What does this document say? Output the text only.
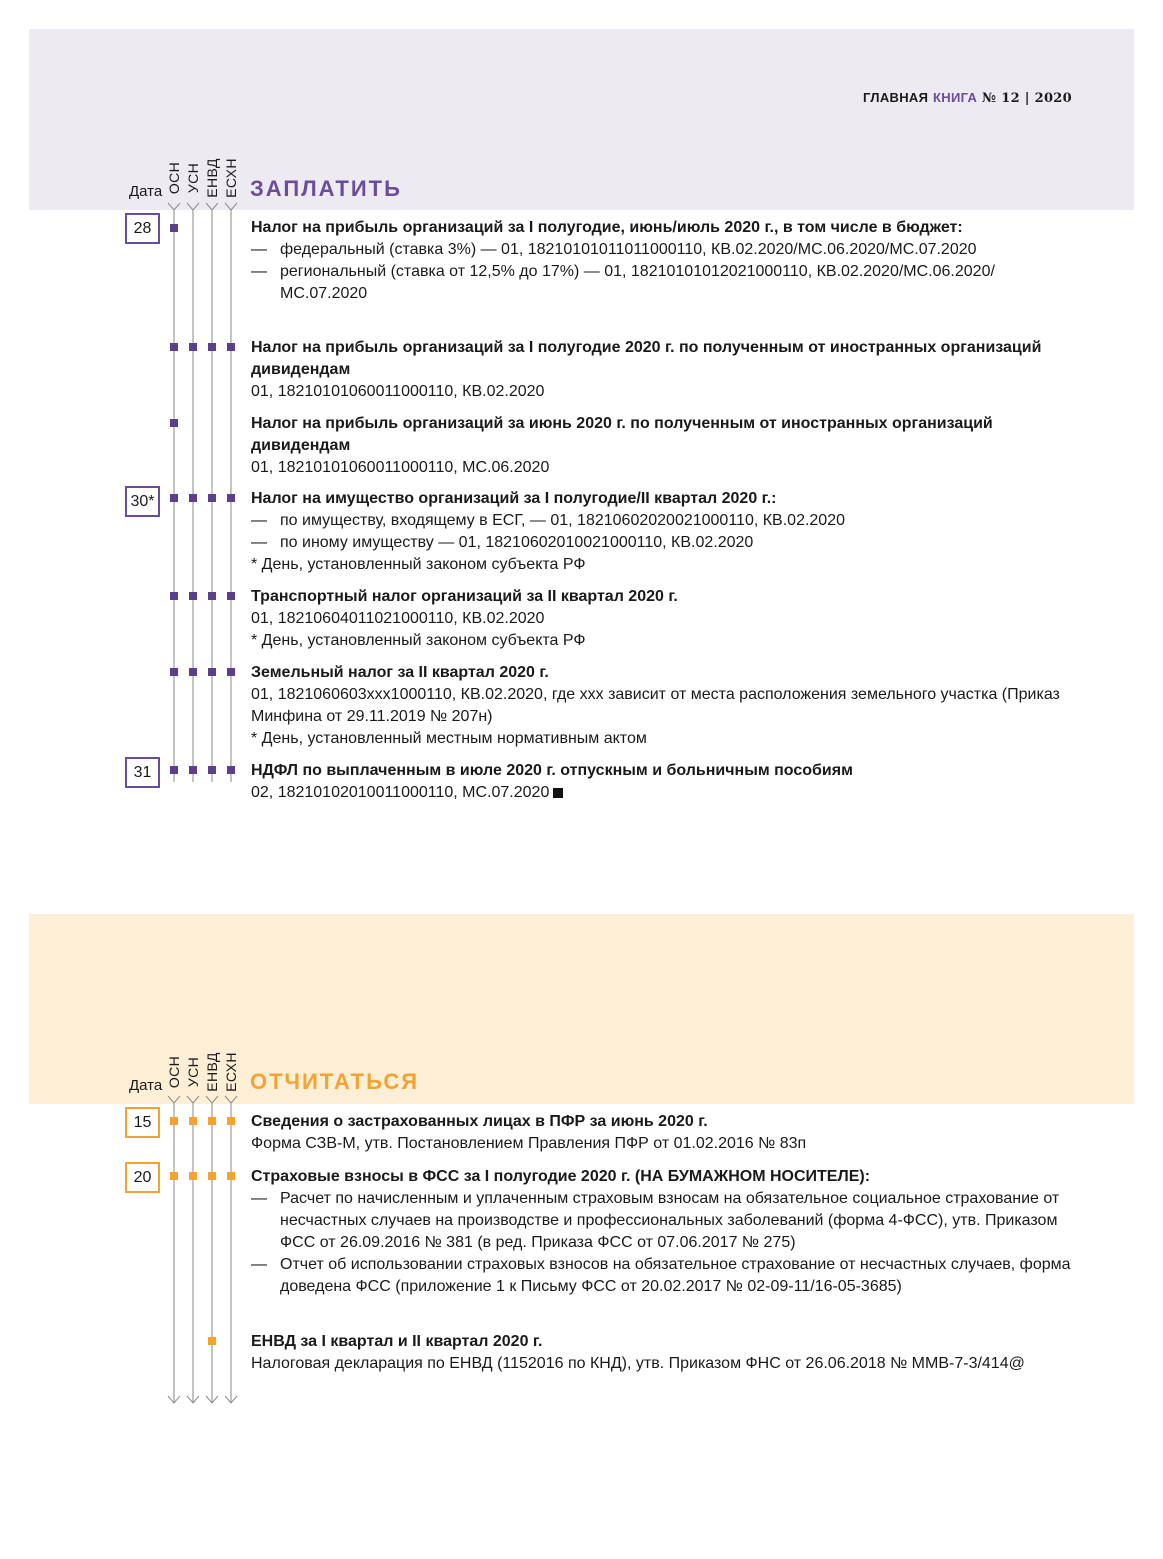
ГЛАВНАЯ КНИГА № 12 | 2020
Дата ОСН УСН ЕНВД ЕСХН ЗАПЛАТИТЬ
28
30*
31
Налог на прибыль организаций за I полугодие, июнь/июль 2020 г., в том числе в бюджет:
— федеральный (ставка 3%) — 01, 18210101011011000110, КВ.02.2020/МС.06.2020/МС.07.2020
— региональный (ставка от 12,5% до 17%) — 01, 18210101012021000110, КВ.02.2020/МС.06.2020/МС.07.2020
Налог на прибыль организаций за I полугодие 2020 г. по полученным от иностранных организаций дивидендам
01, 18210101060011000110, КВ.02.2020
Налог на прибыль организаций за июнь 2020 г. по полученным от иностранных организаций дивидендам
01, 18210101060011000110, МС.06.2020
Налог на имущество организаций за I полугодие/II квартал 2020 г.:
— по имуществу, входящему в ЕСГ, — 01, 18210602020021000110, КВ.02.2020
— по иному имуществу — 01, 18210602010021000110, КВ.02.2020
* День, установленный законом субъекта РФ
Транспортный налог организаций за II квартал 2020 г.
01, 18210604011021000110, КВ.02.2020
* День, установленный законом субъекта РФ
Земельный налог за II квартал 2020 г.
01, 1821060603ххх1000110, КВ.02.2020, где ххх зависит от места расположения земельного участка (Приказ Минфина от 29.11.2019 № 207н)
* День, установленный местным нормативным актом
НДФЛ по выплаченным в июле 2020 г. отпускным и больничным пособиям
02, 18210102010011000110, МС.07.2020
Дата ОСН УСН ЕНВД ЕСХН ОТЧИТАТЬСЯ
15
20
Сведения о застрахованных лицах в ПФР за июнь 2020 г.
Форма СЗВ-М, утв. Постановлением Правления ПФР от 01.02.2016 № 83п
Страховые взносы в ФСС за I полугодие 2020 г. (НА БУМАЖНОМ НОСИТЕЛЕ):
— Расчет по начисленным и уплаченным страховым взносам на обязательное социальное страхование от несчастных случаев на производстве и профессиональных заболеваний (форма 4-ФСС), утв. Приказом ФСС от 26.09.2016 № 381 (в ред. Приказа ФСС от 07.06.2017 № 275)
— Отчет об использовании страховых взносов на обязательное страхование от несчастных случаев, форма доведена ФСС (приложение 1 к Письму ФСС от 20.02.2017 № 02-09-11/16-05-3685)
ЕНВД за I квартал и II квартал 2020 г.
Налоговая декларация по ЕНВД (1152016 по КНД), утв. Приказом ФНС от 26.06.2018 № ММВ-7-3/414@
